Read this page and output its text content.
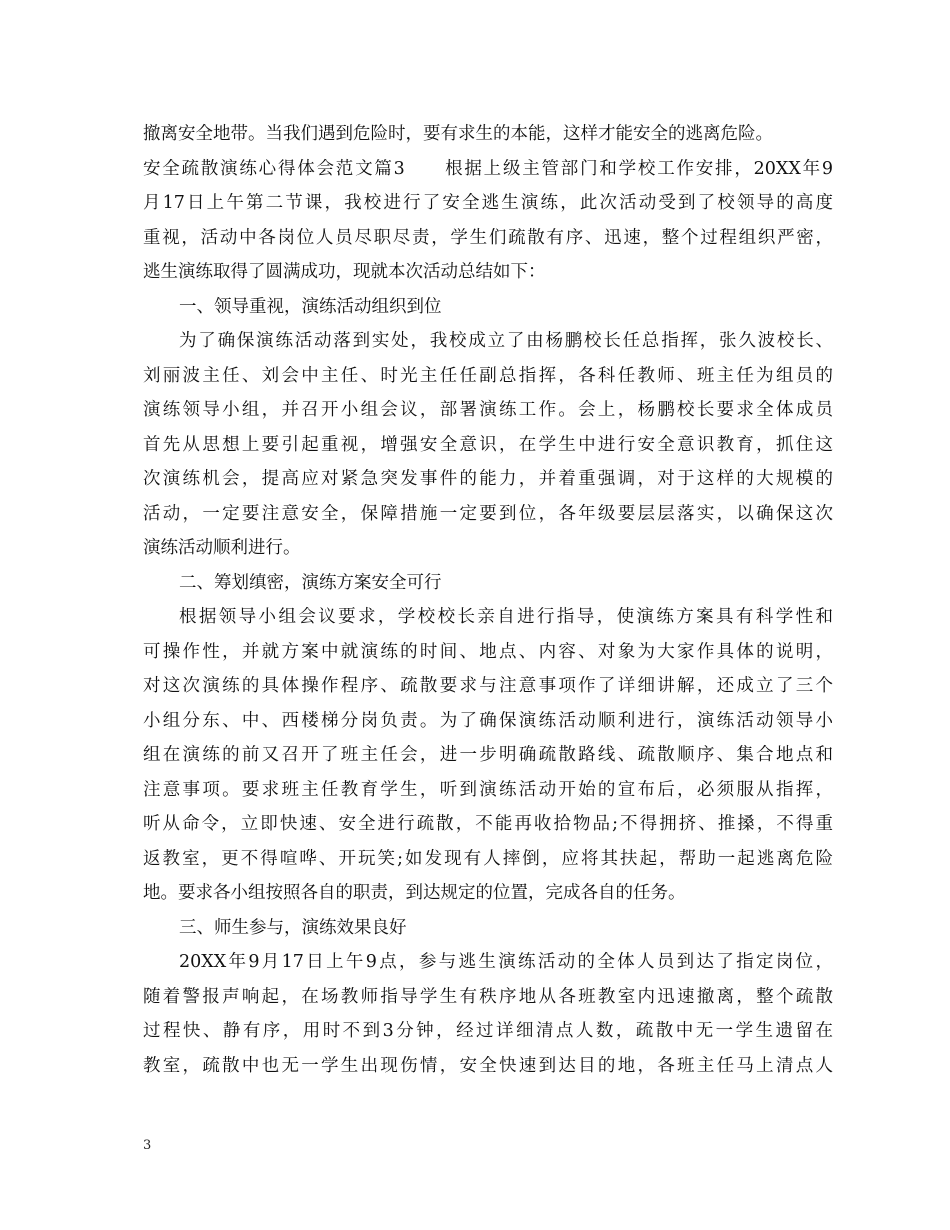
撤离安全地带。当我们遇到危险时，要有求生的本能，这样才能安全的逃离危险。
安全疏散演练心得体会范文篇3　　根据上级主管部门和学校工作安排，20XX年9
月17日上午第二节课，我校进行了安全逃生演练，此次活动受到了校领导的高度
重视，活动中各岗位人员尽职尽责，学生们疏散有序、迅速，整个过程组织严密，
逃生演练取得了圆满成功，现就本次活动总结如下：
一、领导重视，演练活动组织到位
为了确保演练活动落到实处，我校成立了由杨鹏校长任总指挥，张久波校长、
刘丽波主任、刘会中主任、时光主任任副总指挥，各科任教师、班主任为组员的
演练领导小组，并召开小组会议，部署演练工作。会上，杨鹏校长要求全体成员
首先从思想上要引起重视，增强安全意识，在学生中进行安全意识教育，抓住这
次演练机会，提高应对紧急突发事件的能力，并着重强调，对于这样的大规模的
活动，一定要注意安全，保障措施一定要到位，各年级要层层落实，以确保这次
演练活动顺利进行。
二、筹划缜密，演练方案安全可行
根据领导小组会议要求，学校校长亲自进行指导，使演练方案具有科学性和
可操作性，并就方案中就演练的时间、地点、内容、对象为大家作具体的说明，
对这次演练的具体操作程序、疏散要求与注意事项作了详细讲解，还成立了三个
小组分东、中、西楼梯分岗负责。为了确保演练活动顺利进行，演练活动领导小
组在演练的前又召开了班主任会，进一步明确疏散路线、疏散顺序、集合地点和
注意事项。要求班主任教育学生，听到演练活动开始的宣布后，必须服从指挥，
听从命令，立即快速、安全进行疏散，不能再收拾物品;不得拥挤、推搡，不得重
返教室，更不得喧哗、开玩笑;如发现有人摔倒，应将其扶起，帮助一起逃离危险
地。要求各小组按照各自的职责，到达规定的位置，完成各自的任务。
三、师生参与，演练效果良好
20XX年9月17日上午9点，参与逃生演练活动的全体人员到达了指定岗位，
随着警报声响起，在场教师指导学生有秩序地从各班教室内迅速撤离，整个疏散
过程快、静有序，用时不到3分钟，经过详细清点人数，疏散中无一学生遗留在
教室，疏散中也无一学生出现伤情，安全快速到达目的地，各班主任马上清点人
3
